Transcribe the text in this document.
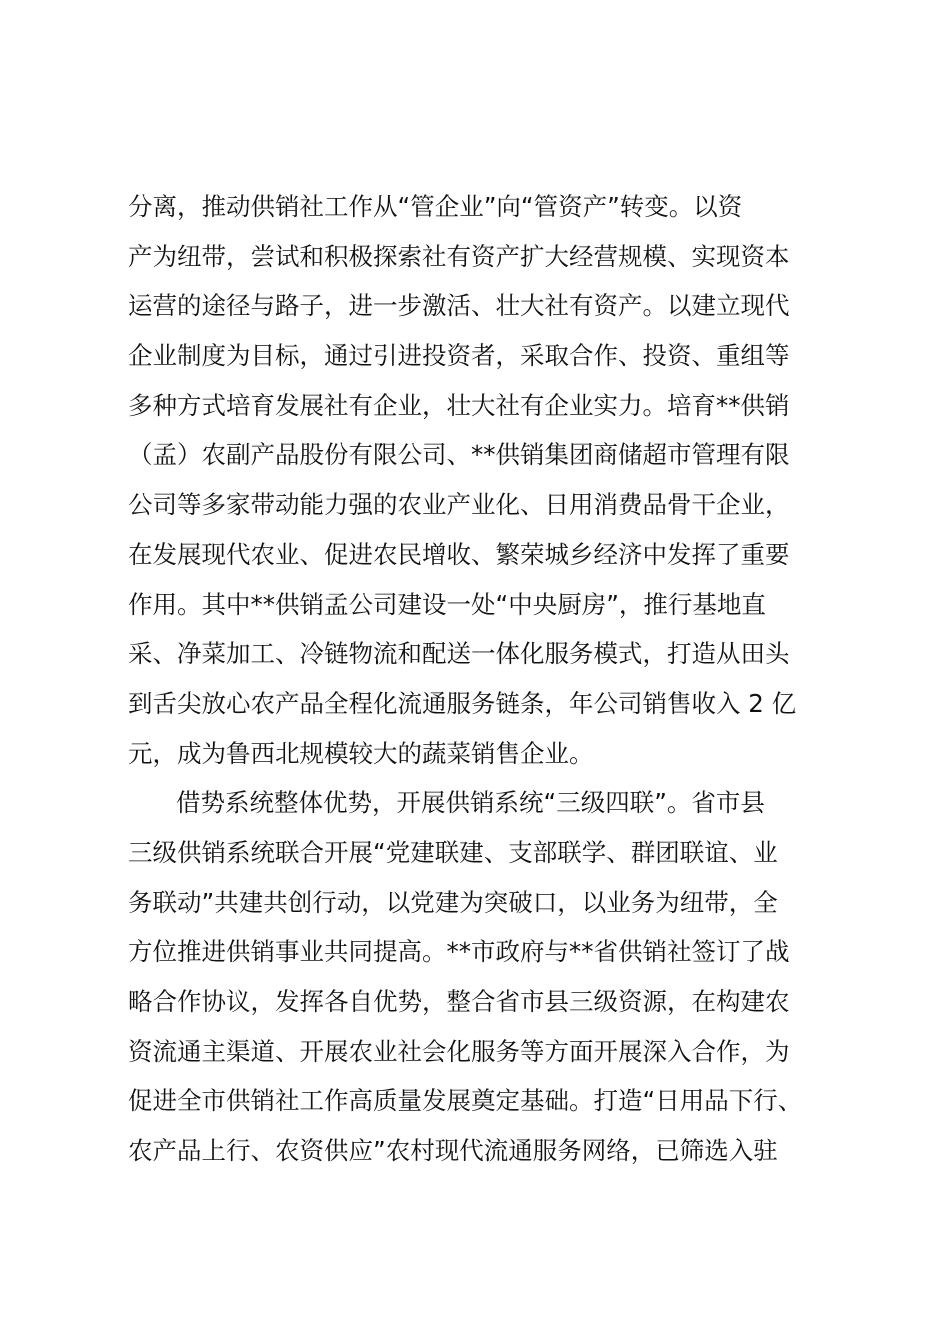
分离，推动供销社工作从“管企业”向“管资产”转变。以资

产为纽带，尝试和积极探索社有资产扩大经营规模、实现资本

运营的途径与路子，进一步激活、壮大社有资产。以建立现代

企业制度为目标，通过引进投资者，采取合作、投资、重组等

多种方式培育发展社有企业，壮大社有企业实力。培育**供销

（孟）农副产品股份有限公司、**供销集团商储超市管理有限

公司等多家带动能力强的农业产业化、日用消费品骨干企业，

在发展现代农业、促进农民增收、繁荣城乡经济中发挥了重要

作用。其中**供销孟公司建设一处“中央厨房”，推行基地直

采、净菜加工、冷链物流和配送一体化服务模式，打造从田头

到舌尖放心农产品全程化流通服务链条，年公司销售收入 2 亿

元，成为鲁西北规模较大的蔬菜销售企业。

借势系统整体优势，开展供销系统“三级四联”。省市县

三级供销系统联合开展“党建联建、支部联学、群团联谊、业

务联动”共建共创行动，以党建为突破口，以业务为纽带，全

方位推进供销事业共同提高。**市政府与**省供销社签订了战

略合作协议，发挥各自优势，整合省市县三级资源，在构建农

资流通主渠道、开展农业社会化服务等方面开展深入合作，为

促进全市供销社工作高质量发展奠定基础。打造“日用品下行、

农产品上行、农资供应”农村现代流通服务网络，已筛选入驻
